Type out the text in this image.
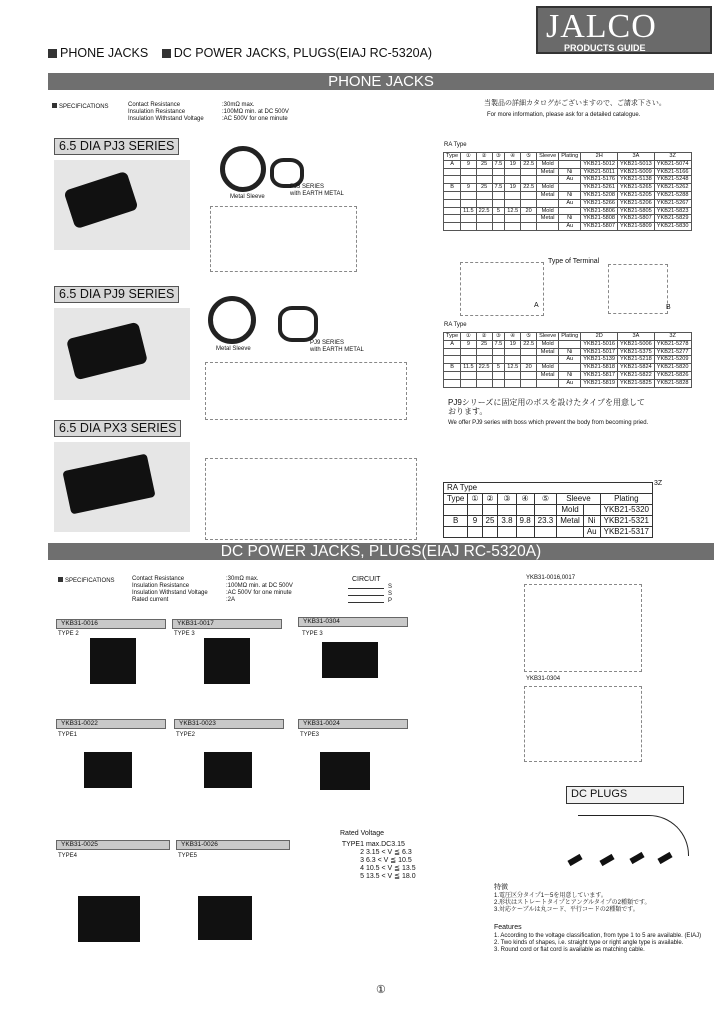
JALCO
PRODUCTS GUIDE
PHONE JACKS DC POWER JACKS, PLUGS(EIAJ RC-5320A)
PHONE JACKS
SPECIFICATIONS	Contact Resistance	:30mΩ max.
Insulation Resistance	:100MΩ min. at DC 500V
Insulation Withstand Voltage	:AC 500V for one minute
当製品の詳細カタログがございますので、ご請求下さい。
For more information, please ask for a detailed catalogue.
6.5 DIA PJ3 SERIES
Metal Sleeve
PJ3 SERIES
with EARTH METAL
6.5 DIA PJ9 SERIES
Metal Sleeve
PJ9 SERIES
with EARTH METAL
6.5 DIA PX3 SERIES
RA Type
Type	①	②	③	④	⑤	Sleeve	Plating	2H	3A	3Z
A	9	25	7.5	19	22.5	Mold		YKB21-5012	YKB21-5013	YKB21-5074
						Metal	Ni	YKB21-5011	YKB21-5009	YKB21-5166
							Au	YKB21-5176	YKB21-5138	YKB21-5248
B	9	25	7.5	19	22.5	Mold		YKB21-5261	YKB21-5265	YKB21-5262
						Metal	Ni	YKB21-5208	YKB21-5205	YKB21-5288
							Au	YKB21-5266	YKB21-5206	YKB21-5267
	11.5	22.5	5	12.5	20	Mold		YKB21-5806	YKB21-5805	YKB21-5823
						Metal	Ni	YKB21-5808	YKB21-5807	YKB21-5829
							Au	YKB21-5807	YKB21-5809	YKB21-5830
Type of Terminal
A	B
RA Type
Type	①	②	③	④	⑤	Sleeve	Plating	2D	3A	3Z
A	9	25	7.5	19	22.5	Mold		YKB21-5016	YKB21-5006	YKB21-5278
						Metal	Ni	YKB21-5017	YKB21-5375	YKB21-5277
							Au	YKB21-5139	YKB21-5218	YKB21-5209
B	11.5	22.5	5	12.5	20	Mold		YKB21-5818	YKB21-5824	YKB21-5820
						Metal	Ni	YKB21-5817	YKB21-5822	YKB21-5826
							Au	YKB21-5819	YKB21-5825	YKB21-5828
PJ9シリーズに固定用のボスを設けたタイプを用意しております。
We offer PJ9 series with boss which prevent the body from becoming pried.
3Z
RA Type								
Type	①	②	③	④	⑤	Sleeve		Plating
						Mold		YKB21-5320
B	9	25	3.8	9.8	23.3	Metal	Ni	YKB21-5321
							Au	YKB21-5317
DC POWER JACKS, PLUGS(EIAJ RC-5320A)
SPECIFICATIONS	Contact Resistance	:30mΩ max.
Insulation Resistance	:100MΩ min. at DC 500V
Insulation Withstand Voltage	:AC 500V for one minute
Rated current	:2A
CIRCUIT
S
S
P
YKB31-0016
TYPE 2
YKB31-0017
TYPE 3
YKB31-0304
TYPE 3
YKB31-0022
TYPE1
YKB31-0023
TYPE2
YKB31-0024
TYPE3
YKB31-0025
TYPE4
YKB31-0026
TYPE5
Rated Voltage
TYPE1 max.DC3.15
2 3.15 < V ≦ 6.3
3 6.3 < V ≦ 10.5
4 10.5 < V ≦ 13.5
5 13.5 < V ≦ 18.0
YKB31-0016,0017
YKB31-0304
DC PLUGS
特徴
1.電圧区分タイプ1〜5を用意しています。
2.形状はストレートタイプとアングルタイプの2種類です。
3.対応ケーブルは丸コード、平行コードの2種類です。
Features
1. According to the voltage classification, from type 1 to 5 are available. (EIAJ)
2. Two kinds of shapes, i.e. straight type or right angle type is available.
3. Round cord or flat cord is available as matching cable.
①
